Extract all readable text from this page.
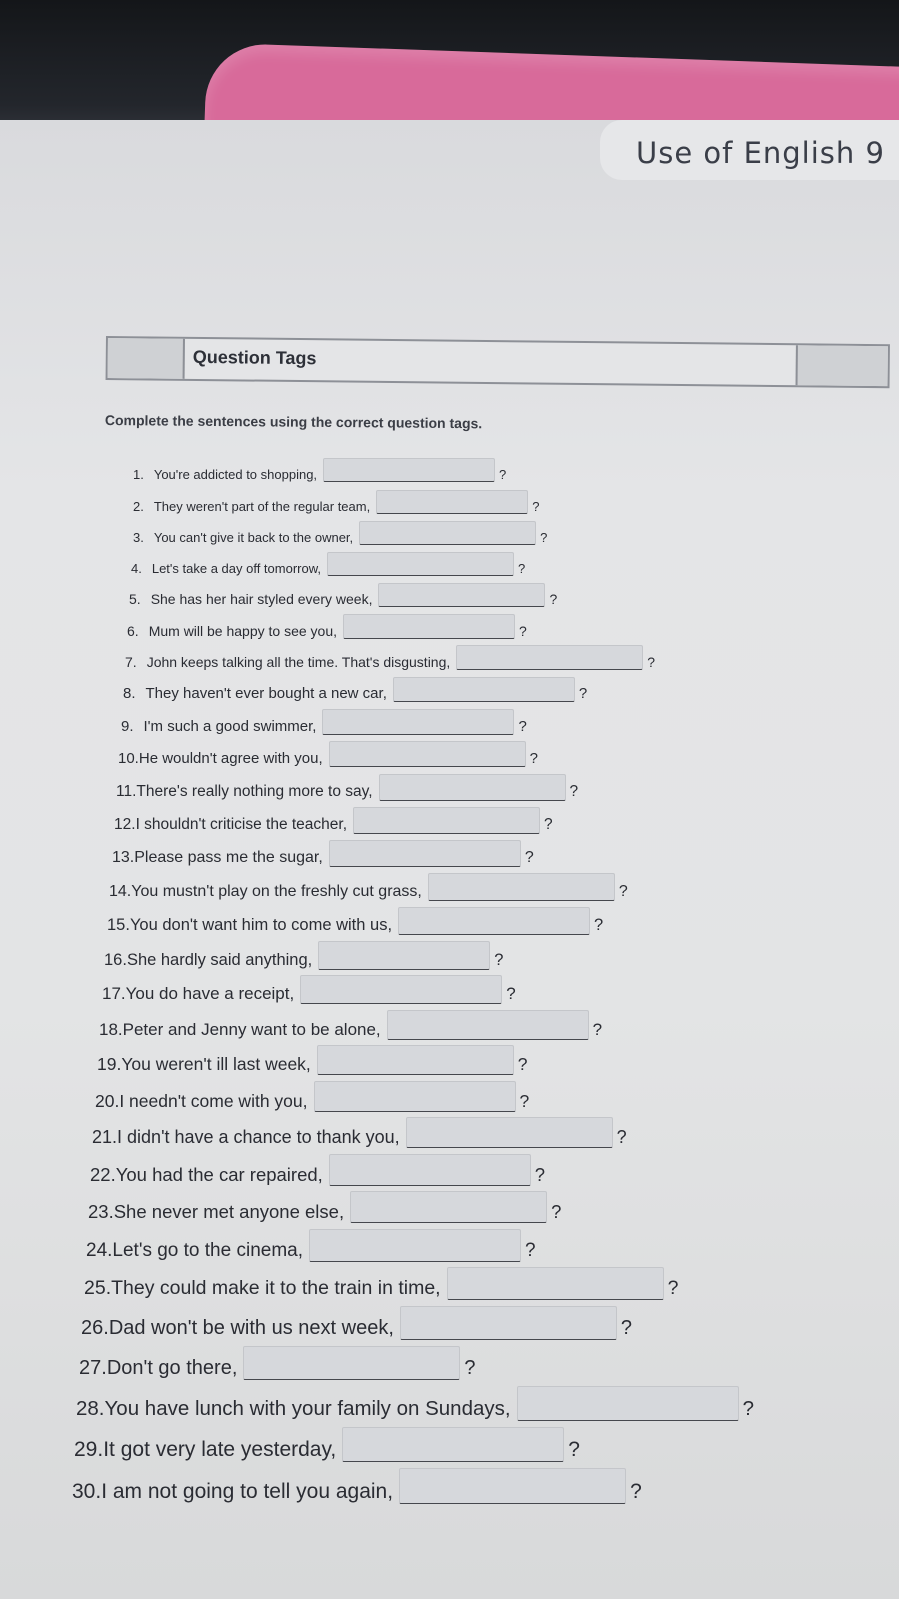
Use of English 9
Question Tags
Complete the sentences using the correct question tags.
1. You're addicted to shopping,	?
2. They weren't part of the regular team,	?
3. You can't give it back to the owner,	?
4. Let's take a day off tomorrow,	?
5. She has her hair styled every week,	?
6. Mum will be happy to see you,	?
7. John keeps talking all the time. That's disgusting,	?
8. They haven't ever bought a new car,	?
9. I'm such a good swimmer,	?
10. He wouldn't agree with you,	?
11. There's really nothing more to say,	?
12. I shouldn't criticise the teacher,	?
13. Please pass me the sugar,	?
14. You mustn't play on the freshly cut grass,	?
15. You don't want him to come with us,	?
16. She hardly said anything,	?
17. You do have a receipt,	?
18. Peter and Jenny want to be alone,	?
19. You weren't ill last week,	?
20. I needn't come with you,	?
21. I didn't have a chance to thank you,	?
22. You had the car repaired,	?
23. She never met anyone else,	?
24. Let's go to the cinema,	?
25. They could make it to the train in time,	?
26. Dad won't be with us next week,	?
27. Don't go there,	?
28. You have lunch with your family on Sundays,	?
29. It got very late yesterday,	?
30. I am not going to tell you again,	?
